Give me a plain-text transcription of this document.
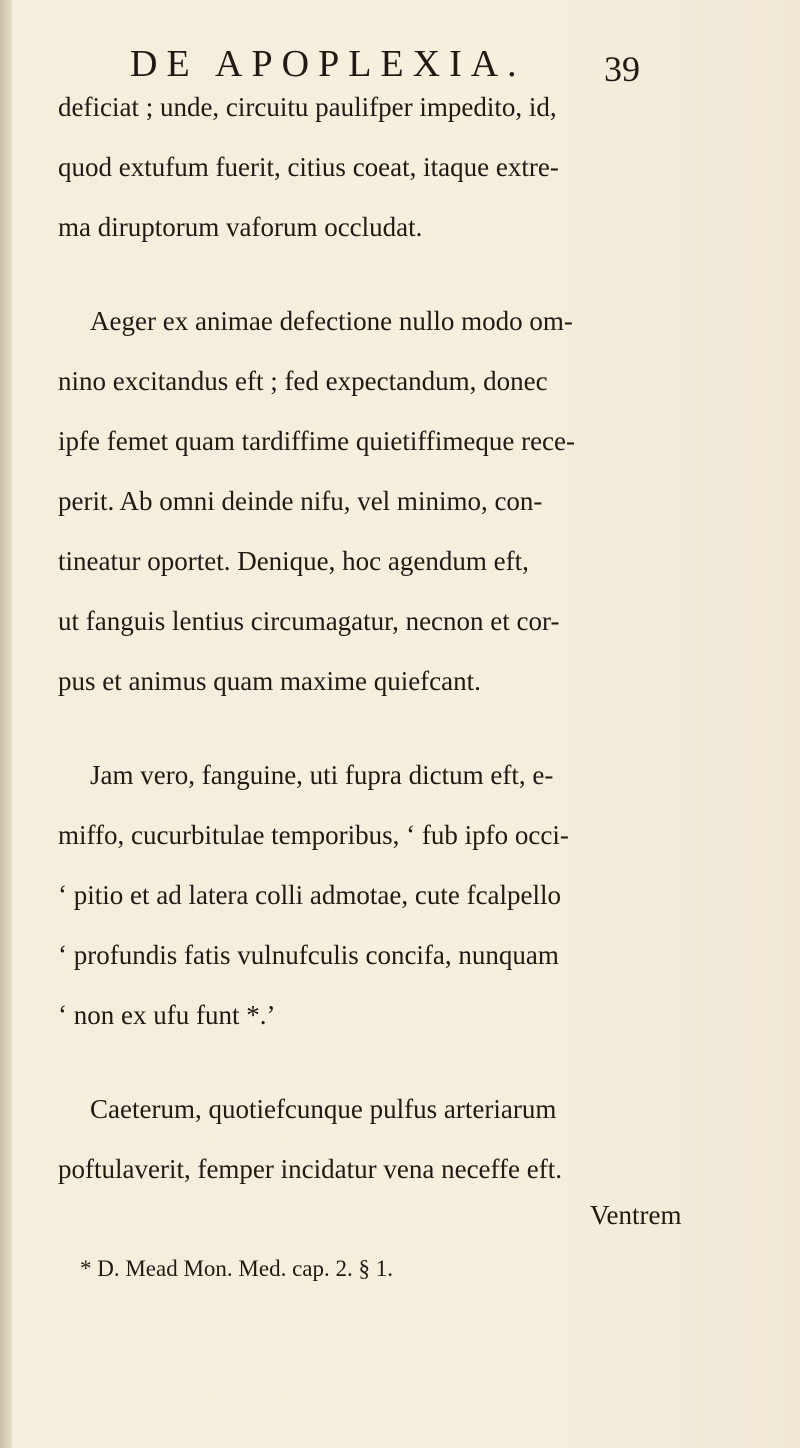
DE APOPLEXIA. 39
deficiat ; unde, circuitu paulifper impedito, id,
quod extufum fuerit, citius coeat, itaque extre-
ma diruptorum vaforum occludat.
Aeger ex animae defectione nullo modo om-
nino excitandus eft ; fed expectandum, donec
ipfe femet quam tardiffime quietiffimeque rece-
perit. Ab omni deinde nifu, vel minimo, con-
tineatur oportet. Denique, hoc agendum eft,
ut fanguis lentius circumagatur, necnon et cor-
pus et animus quam maxime quiefcant.
Jam vero, fanguine, uti fupra dictum eft, e-
miffo, cucurbitulae temporibus, ‘ fub ipfo occi-
‘ pitio et ad latera colli admotae, cute fcalpello
‘ profundis fatis vulnufculis concifa, nunquam
‘ non ex ufu funt *.’
Caeterum, quotiefcunque pulfus arteriarum
poftulaverit, femper incidatur vena neceffe eft.
Ventrem
* D. Mead Mon. Med. cap. 2. § 1.
